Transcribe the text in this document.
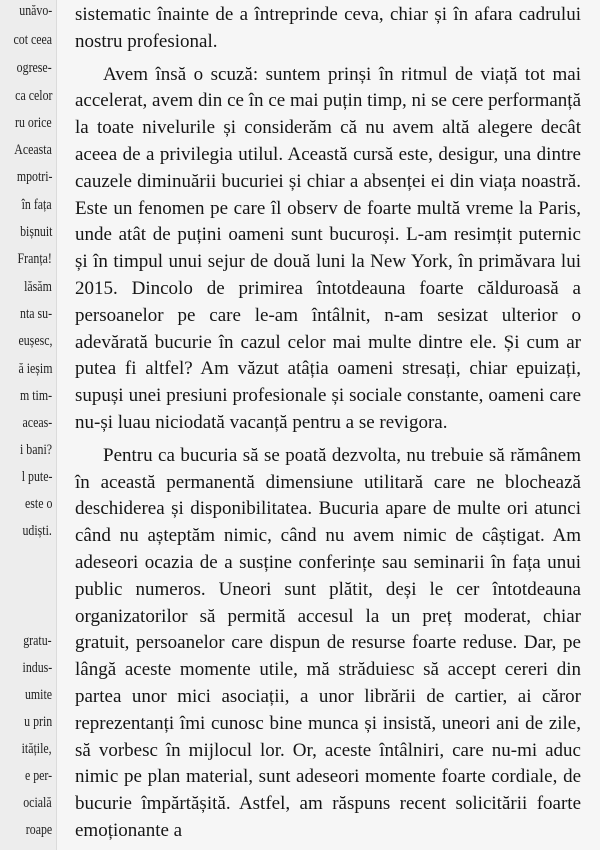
unăvo-
cot ceea
ogrese-
ca celor
ru orice
Aceasta
mpotri-
în fața
bișnuit
Franța!
lăsăm
nta su-
eușesc,
ă ieșim
m tim-
aceas-
i bani?
l pute-
este o
udiști.
gratu-
indus-
umite
u prin
itățile,
e per-
ocială
roape

sistematic înainte de a întreprinde ceva, chiar și în afara cadrului nostru profesional.

Avem însă o scuză: suntem prinși în ritmul de viață tot mai accelerat, avem din ce în ce mai puțin timp, ni se cere performanță la toate nivelurile și considerăm că nu avem altă alegere decât aceea de a privilegia utilul. Această cursă este, desigur, una dintre cauzele diminuării bucuriei și chiar a absenței ei din viața noastră. Este un fenomen pe care îl observ de foarte multă vreme la Paris, unde atât de puțini oameni sunt bucuroși. L-am resimțit puternic și în timpul unui sejur de două luni la New York, în primăvara lui 2015. Dincolo de primirea întotdeauna foarte călduroasă a persoanelor pe care le-am întâlnit, n-am sesizat ulterior o adevărată bucurie în cazul celor mai multe dintre ele. Și cum ar putea fi altfel? Am văzut atâția oameni stresați, chiar epuizați, supuși unei presiuni profesionale și sociale constante, oameni care nu-și luau niciodată vacanță pentru a se revigora.

Pentru ca bucuria să se poată dezvolta, nu trebuie să rămânem în această permanentă dimensiune utilitară care ne blochează deschiderea și disponibilitatea. Bucuria apare de multe ori atunci când nu așteptăm nimic, când nu avem nimic de câștigat. Am adeseori ocazia de a susține conferințe sau seminarii în fața unui public numeros. Uneori sunt plătit, deși le cer întotdeauna organizatorilor să permită accesul la un preț moderat, chiar gratuit, persoanelor care dispun de resurse foarte reduse. Dar, pe lângă aceste momente utile, mă străduiesc să accept cereri din partea unor mici asociații, a unor librării de cartier, ai căror reprezentanți îmi cunosc bine munca și insistă, uneori ani de zile, să vorbesc în mijlocul lor. Or, aceste întâlniri, care nu-mi aduc nimic pe plan material, sunt adeseori momente foarte cordiale, de bucurie împărtășită. Astfel, am răspuns recent solicitării foarte emoționante a
